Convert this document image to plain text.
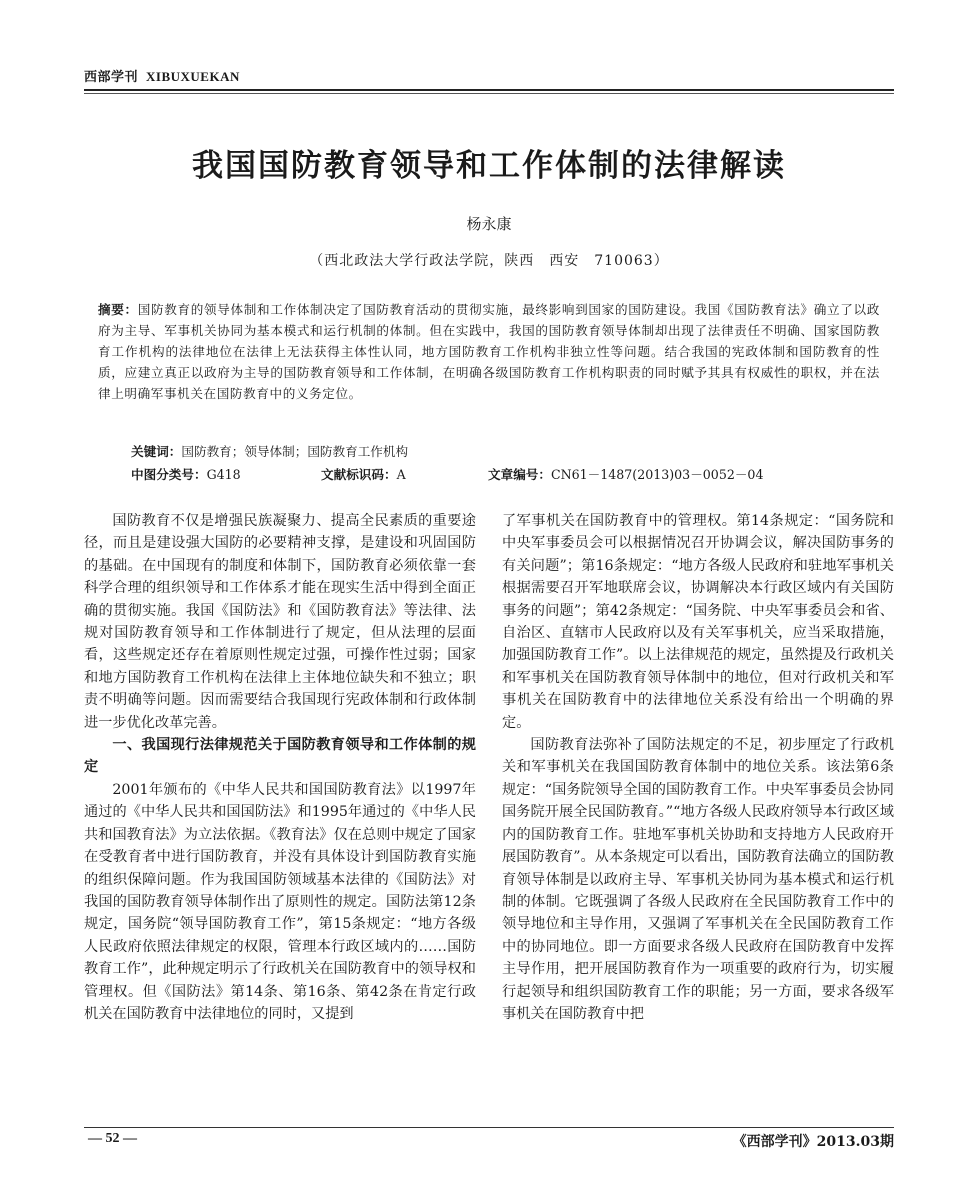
西部学刊 XIBUXUEKAN
我国国防教育领导和工作体制的法律解读
杨永康
（西北政法大学行政法学院，陕西　西安　710063）
摘要：国防教育的领导体制和工作体制决定了国防教育活动的贯彻实施，最终影响到国家的国防建设。我国《国防教育法》确立了以政府为主导、军事机关协同为基本模式和运行机制的体制。但在实践中，我国的国防教育领导体制却出现了法律责任不明确、国家国防教育工作机构的法律地位在法律上无法获得主体性认同，地方国防教育工作机构非独立性等问题。结合我国的宪政体制和国防教育的性质，应建立真正以政府为主导的国防教育领导和工作体制，在明确各级国防教育工作机构职责的同时赋予其具有权威性的职权，并在法律上明确军事机关在国防教育中的义务定位。
关键词：国防教育；领导体制；国防教育工作机构
中图分类号：G418	文献标识码：A	文章编号：CN61－1487(2013)03－0052－04

国防教育不仅是增强民族凝聚力、提高全民素质的重要途径，而且是建设强大国防的必要精神支撑，是建设和巩固国防的基础。在中国现有的制度和体制下，国防教育必须依靠一套科学合理的组织领导和工作体系才能在现实生活中得到全面正确的贯彻实施。我国《国防法》和《国防教育法》等法律、法规对国防教育领导和工作体制进行了规定，但从法理的层面看，这些规定还存在着原则性规定过强，可操作性过弱；国家和地方国防教育工作机构在法律上主体地位缺失和不独立；职责不明确等问题。因而需要结合我国现行宪政体制和行政体制进一步优化改革完善。

一、我国现行法律规范关于国防教育领导和工作体制的规定

2001年颁布的《中华人民共和国国防教育法》以1997年通过的《中华人民共和国国防法》和1995年通过的《中华人民共和国教育法》为立法依据。《教育法》仅在总则中规定了国家在受教育者中进行国防教育，并没有具体设计到国防教育实施的组织保障问题。作为我国国防领域基本法律的《国防法》对我国的国防教育领导体制作出了原则性的规定。国防法第12条规定，国务院“领导国防教育工作”，第15条规定：“地方各级人民政府依照法律规定的权限，管理本行政区域内的……国防教育工作”，此种规定明示了行政机关在国防教育中的领导权和管理权。但《国防法》第14条、第16条、第42条在肯定行政机关在国防教育中法律地位的同时，又提到

了军事机关在国防教育中的管理权。第14条规定：“国务院和中央军事委员会可以根据情况召开协调会议，解决国防事务的有关问题”；第16条规定：“地方各级人民政府和驻地军事机关根据需要召开军地联席会议，协调解决本行政区域内有关国防事务的问题”；第42条规定：“国务院、中央军事委员会和省、自治区、直辖市人民政府以及有关军事机关，应当采取措施，加强国防教育工作”。以上法律规范的规定，虽然提及行政机关和军事机关在国防教育领导体制中的地位，但对行政机关和军事机关在国防教育中的法律地位关系没有给出一个明确的界定。

国防教育法弥补了国防法规定的不足，初步厘定了行政机关和军事机关在我国国防教育体制中的地位关系。该法第6条规定：“国务院领导全国的国防教育工作。中央军事委员会协同国务院开展全民国防教育。”“地方各级人民政府领导本行政区域内的国防教育工作。驻地军事机关协助和支持地方人民政府开展国防教育”。从本条规定可以看出，国防教育法确立的国防教育领导体制是以政府主导、军事机关协同为基本模式和运行机制的体制。它既强调了各级人民政府在全民国防教育工作中的领导地位和主导作用，又强调了军事机关在全民国防教育工作中的协同地位。即一方面要求各级人民政府在国防教育中发挥主导作用，把开展国防教育作为一项重要的政府行为，切实履行起领导和组织国防教育工作的职能；另一方面，要求各级军事机关在国防教育中把

— 52 —	《西部学刊》2013.03期
